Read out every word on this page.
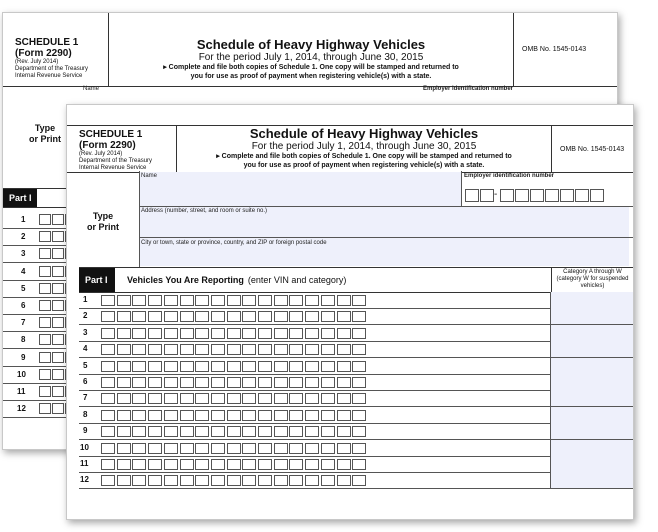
SCHEDULE 1
(Form 2290)
(Rev. July 2014)
Department of the Treasury
Internal Revenue Service
Schedule of Heavy Highway Vehicles
For the period July 1, 2014, through June 30, 2015
▸ Complete and file both copies of Schedule 1. One copy will be stamped and returned to
you for use as proof of payment when registering vehicle(s) with a state.
OMB No. 1545-0143
Name	Employer identification number
Type
or Print
Part I
1
2
3
4
5
6
7
8
9
10
11
12
SCHEDULE 1
(Form 2290)
(Rev. July 2014)
Department of the Treasury
Internal Revenue Service
Schedule of Heavy Highway Vehicles
For the period July 1, 2014, through June 30, 2015
▸ Complete and file both copies of Schedule 1. One copy will be stamped and returned to
you for use as proof of payment when registering vehicle(s) with a state.
OMB No. 1545-0143
Name	Employer identification number
-
Address (number, street, and room or suite no.)
City or town, state or province, country, and ZIP or foreign postal code
Type
or Print
Part I	Vehicles You Are Reporting (enter VIN and category)
Category A through W (category W for suspended vehicles)
1
2
3
4
5
6
7
8
9
10
11
12
